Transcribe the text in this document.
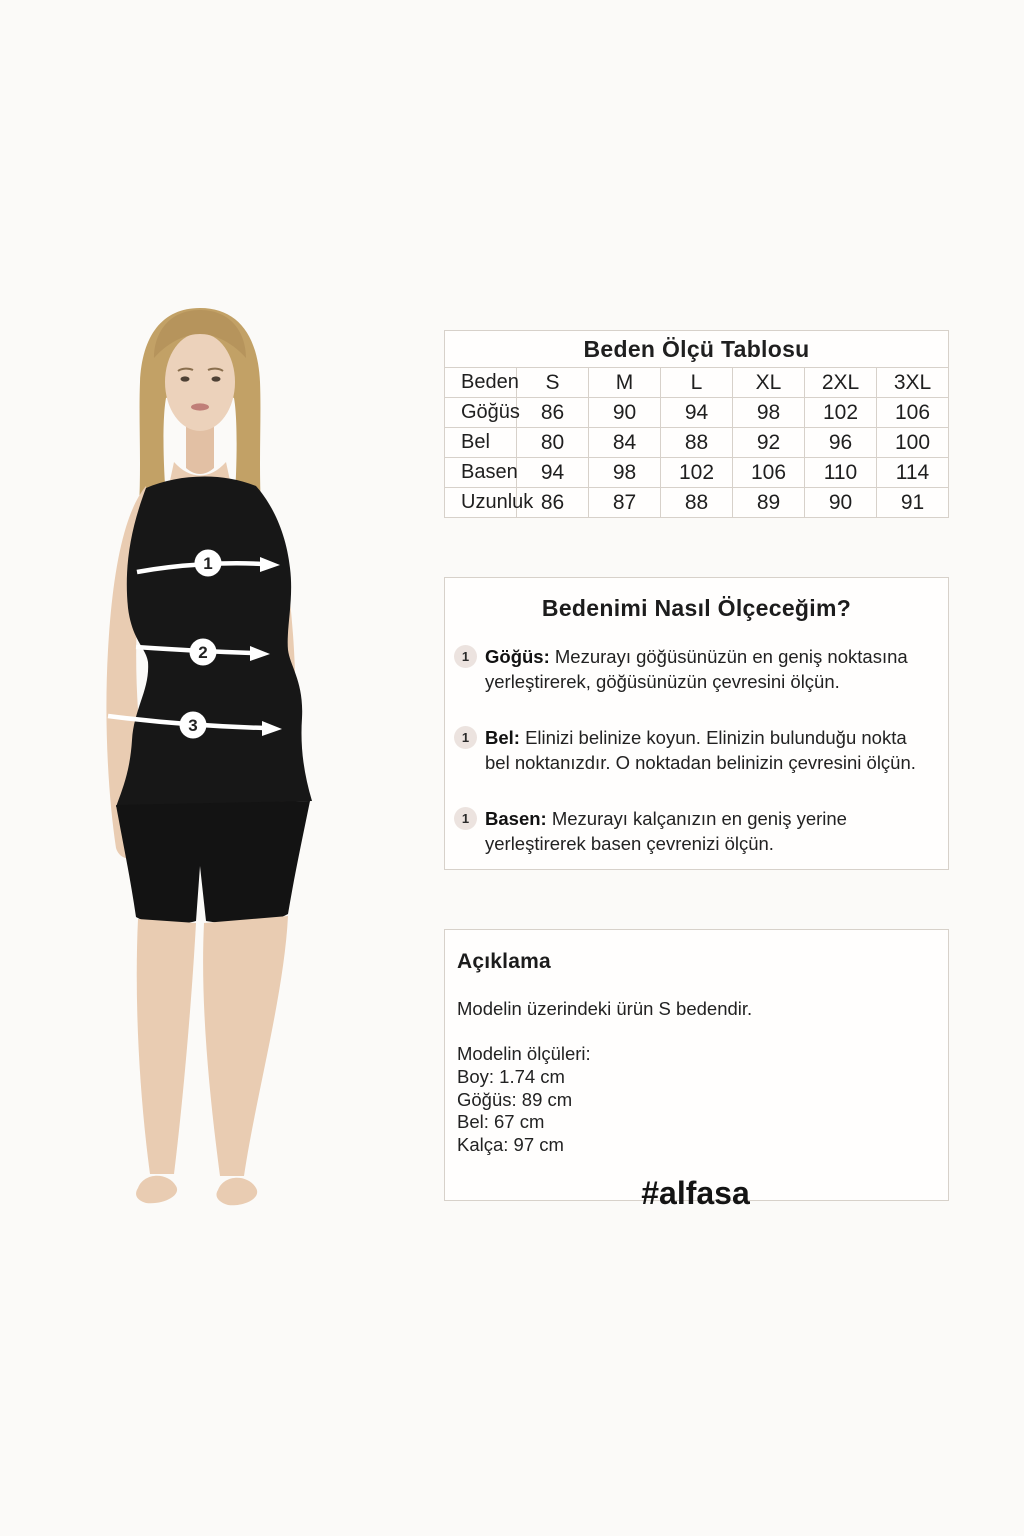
1
2
3
Beden Ölçü Tablosu						
Beden	S	M	L	XL	2XL	3XL
Göğüs	86	90	94	98	102	106
Bel	80	84	88	92	96	100
Basen	94	98	102	106	110	114
Uzunluk	86	87	88	89	90	91
Bedenimi Nasıl Ölçeceğim?
1 Göğüs: Mezurayı göğüsünüzün en geniş noktasına yerleştirerek, göğüsünüzün çevresini ölçün.

1 Bel: Elinizi belinize koyun. Elinizin bulunduğu nokta bel noktanızdır. O noktadan belinizin çevresini ölçün.

1 Basen: Mezurayı kalçanızın en geniş yerine yerleştirerek basen çevrenizi ölçün.

Açıklama

Modelin üzerindeki ürün S bedendir.

Modelin ölçüleri:

Boy: 1.74 cm

Göğüs: 89 cm

Bel: 67 cm

Kalça: 97 cm

#alfasa
